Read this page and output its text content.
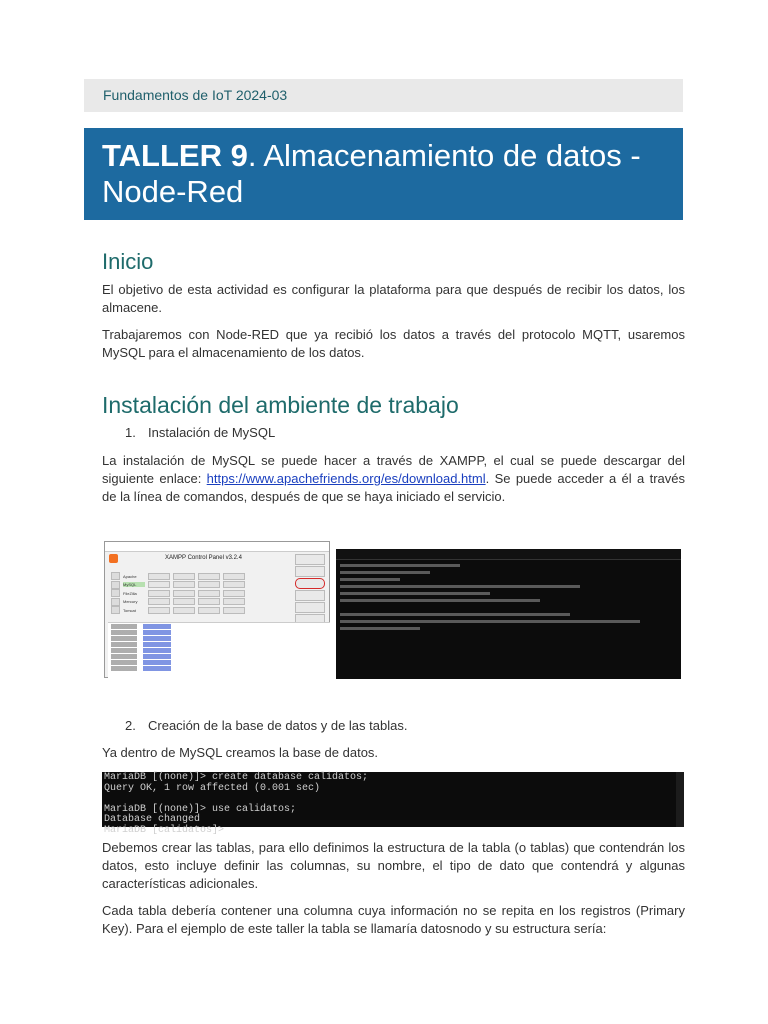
Fundamentos de IoT 2024-03
TALLER 9. Almacenamiento de datos - Node-Red
Inicio
El objetivo de esta actividad es configurar la plataforma para que después de recibir los datos, los almacene.
Trabajaremos con Node-RED que ya recibió los datos a través del protocolo MQTT, usaremos MySQL para el almacenamiento de los datos.
Instalación del ambiente de trabajo
1. Instalación de MySQL
La instalación de MySQL se puede hacer a través de XAMPP, el cual se puede descargar del siguiente enlace: https://www.apachefriends.org/es/download.html. Se puede acceder a él a través de la línea de comandos, después de que se haya iniciado el servicio.
XAMPP Control Panel v3.2.4
Apache
MySQL
FileZilla
Mercury
Tomcat
2. Creación de la base de datos y de las tablas.
Ya dentro de MySQL creamos la base de datos.
MariaDB [(none)]> create database calidatos;
Query OK, 1 row affected (0.001 sec)

MariaDB [(none)]> use calidatos;
Database changed
MariaDB [calidatos]>
Debemos crear las tablas, para ello definimos la estructura de la tabla (o tablas) que contendrán los datos, esto incluye definir las columnas, su nombre, el tipo de dato que contendrá y algunas características adicionales.
Cada tabla debería contener una columna cuya información no se repita en los registros (Primary Key). Para el ejemplo de este taller la tabla se llamaría datosnodo y su estructura sería:
